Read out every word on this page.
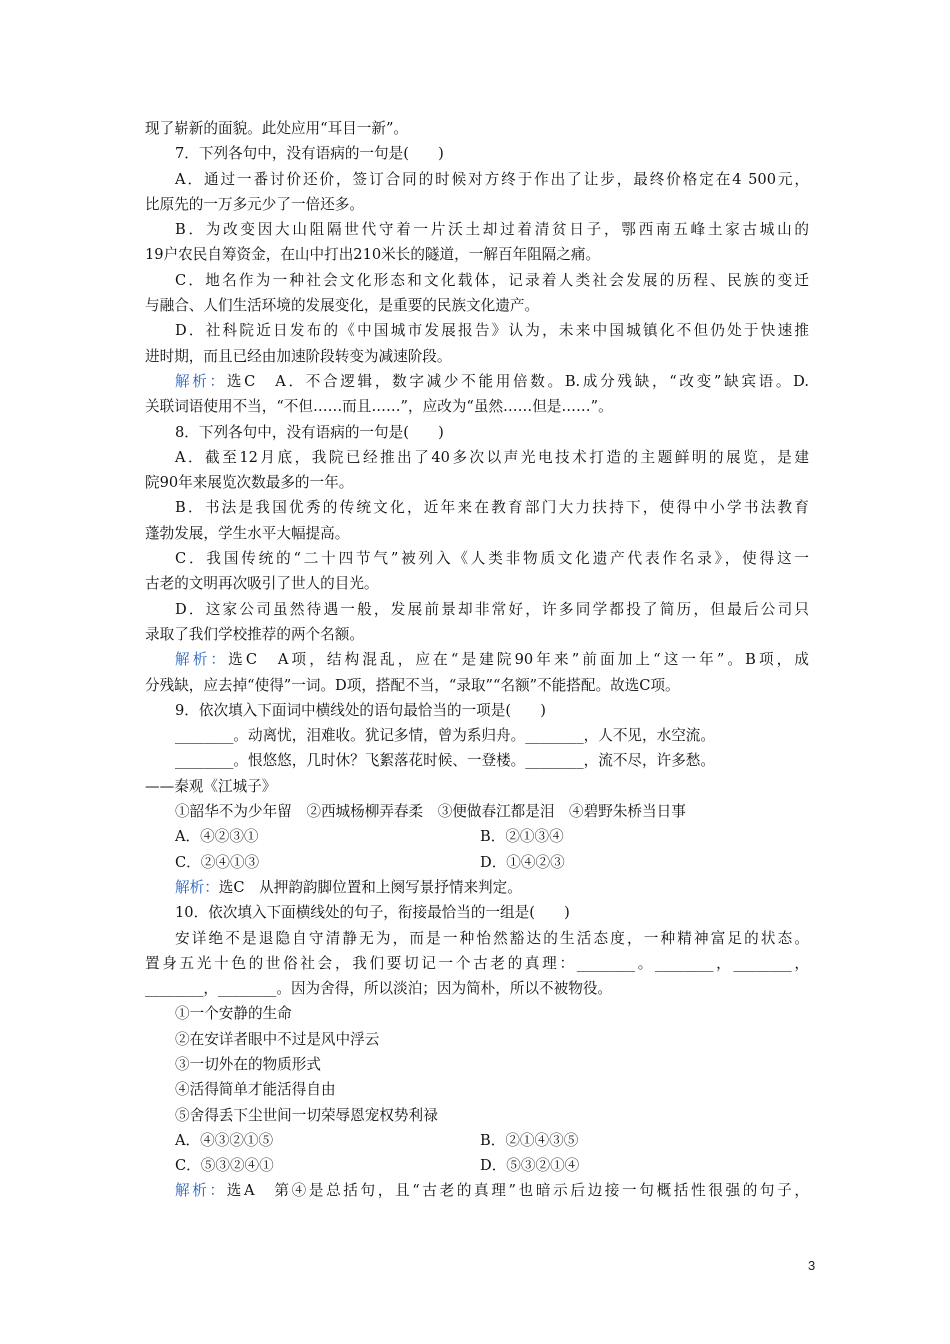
现了崭新的面貌。此处应用“耳目一新”。
7．下列各句中，没有语病的一句是(　　)
A．通过一番讨价还价，签订合同的时候对方终于作出了让步，最终价格定在4 500元，
比原先的一万多元少了一倍还多。
B．为改变因大山阻隔世代守着一片沃土却过着清贫日子，鄂西南五峰土家古城山的
19户农民自筹资金，在山中打出210米长的隧道，一解百年阻隔之痛。
C．地名作为一种社会文化形态和文化载体，记录着人类社会发展的历程、民族的变迁
与融合、人们生活环境的发展变化，是重要的民族文化遗产。
D．社科院近日发布的《中国城市发展报告》认为，未来中国城镇化不但仍处于快速推
进时期，而且已经由加速阶段转变为减速阶段。
解析：选C　A．不合逻辑，数字减少不能用倍数。B.成分残缺，“改变”缺宾语。D.
关联词语使用不当，“不但……而且……”，应改为“虽然……但是……”。
8．下列各句中，没有语病的一句是(　　)
A．截至12月底，我院已经推出了40多次以声光电技术打造的主题鲜明的展览，是建
院90年来展览次数最多的一年。
B．书法是我国优秀的传统文化，近年来在教育部门大力扶持下，使得中小学书法教育
蓬勃发展，学生水平大幅提高。
C．我国传统的“二十四节气”被列入《人类非物质文化遗产代表作名录》，使得这一
古老的文明再次吸引了世人的目光。
D．这家公司虽然待遇一般，发展前景却非常好，许多同学都投了简历，但最后公司只
录取了我们学校推荐的两个名额。
解析：选C　A项，结构混乱，应在“是建院90年来”前面加上“这一年”。B项，成
分残缺，应去掉“使得”一词。D项，搭配不当，“录取”“名额”不能搭配。故选C项。
9．依次填入下面词中横线处的语句最恰当的一项是(　　)
________。动离忧，泪难收。犹记多情，曾为系归舟。________，人不见，水空流。
________。恨悠悠，几时休？飞絮落花时候、一登楼。________，流不尽，许多愁。
——秦观《江城子》
①韶华不为少年留　②西城杨柳弄春柔　③便做春江都是泪　④碧野朱桥当日事
A．④②③①	B．②①③④
C．②④①③	D．①④②③
解析：选C　从押韵韵脚位置和上阕写景抒情来判定。
10．依次填入下面横线处的句子，衔接最恰当的一组是(　　)
安详绝不是退隐自守清静无为，而是一种怡然豁达的生活态度，一种精神富足的状态。
置身五光十色的世俗社会，我们要切记一个古老的真理：________。________，________，
________，________。因为舍得，所以淡泊；因为简朴，所以不被物役。
①一个安静的生命
②在安详者眼中不过是风中浮云
③一切外在的物质形式
④活得简单才能活得自由
⑤舍得丢下尘世间一切荣辱恩宠权势利禄
A．④③②①⑤	B．②①④③⑤
C．⑤③②④①	D．⑤③②①④
解析：选A　第④是总括句，且“古老的真理”也暗示后边接一句概括性很强的句子，
3
